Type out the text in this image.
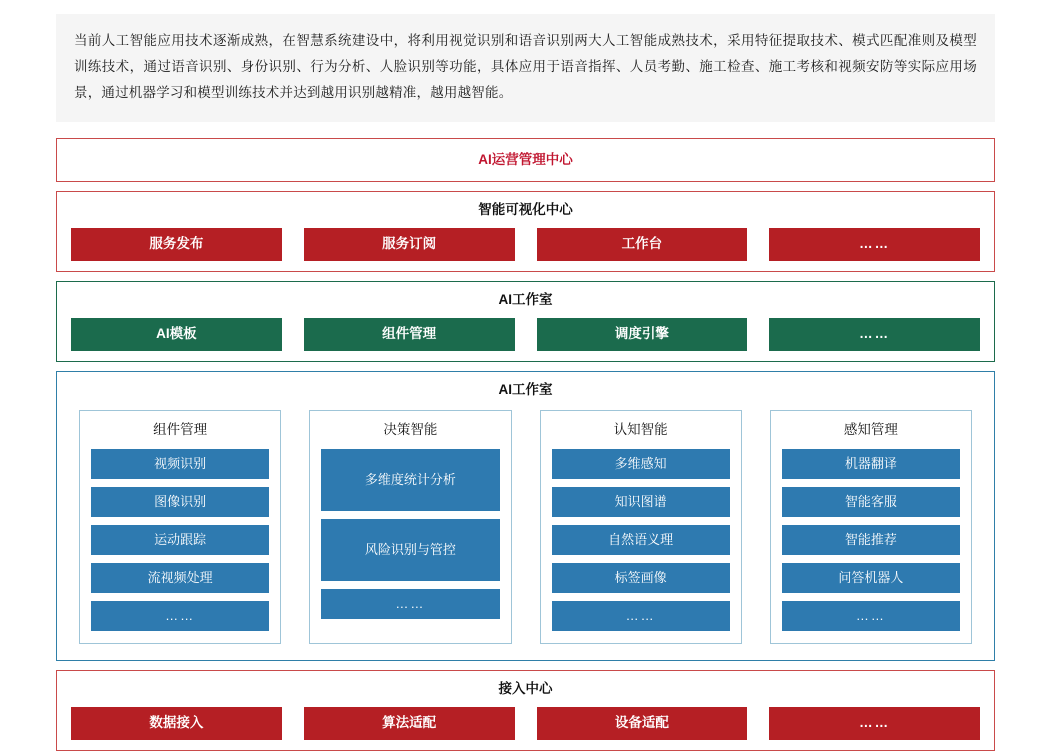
当前人工智能应用技术逐渐成熟，在智慧系统建设中，将利用视觉识别和语音识别两大人工智能成熟技术，采用特征提取技术、模式匹配准则及模型训练技术，通过语音识别、身份识别、行为分析、人脸识别等功能，具体应用于语音指挥、人员考勤、施工检查、施工考核和视频安防等实际应用场景，通过机器学习和模型训练技术并达到越用识别越精准，越用越智能。

AI运营管理中心
智能可视化中心
服务发布	服务订阅	工作台	……
AI工作室
AI模板	组件管理	调度引擎	……
AI工作室
组件管理
视频识别
图像识别
运动跟踪
流视频处理
……
决策智能
多维度统计分析
风险识别与管控
……
认知智能
多维感知
知识图谱
自然语义理
标签画像
……
感知管理
机器翻译
智能客服
智能推荐
问答机器人
……
接入中心
数据接入	算法适配	设备适配	……
